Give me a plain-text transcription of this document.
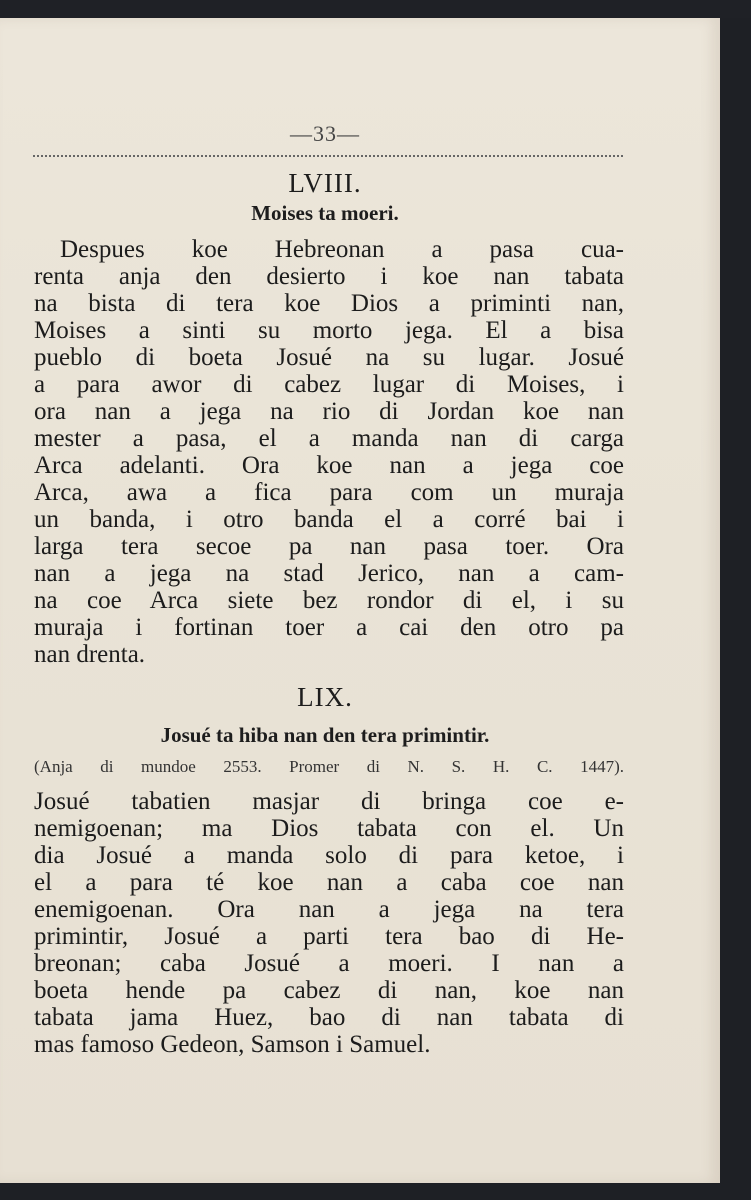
—33—
LVIII.
Moises ta moeri.
Despues koe Hebreonan a pasa cua-
renta anja den desierto i koe nan tabata
na bista di tera koe Dios a priminti nan,
Moises a sinti su morto jega. El a bisa
pueblo di boeta Josué na su lugar. Josué
a para awor di cabez lugar di Moises, i
ora nan a jega na rio di Jordan koe nan
mester a pasa, el a manda nan di carga
Arca adelanti. Ora koe nan a jega coe
Arca, awa a fica para com un muraja
un banda, i otro banda el a corré bai i
larga tera secoe pa nan pasa toer. Ora
nan a jega na stad Jerico, nan a cam-
na coe Arca siete bez rondor di el, i su
muraja i fortinan toer a cai den otro pa
nan drenta.
LIX.
Josué ta hiba nan den tera primintir.
(Anja di mundoe 2553. Promer di N. S. H. C. 1447).
Josué tabatien masjar di bringa coe e-
nemigoenan; ma Dios tabata con el. Un
dia Josué a manda solo di para ketoe, i
el a para té koe nan a caba coe nan
enemigoenan. Ora nan a jega na tera
primintir, Josué a parti tera bao di He-
breonan; caba Josué a moeri. I nan a
boeta hende pa cabez di nan, koe nan
tabata jama Huez, bao di nan tabata di
mas famoso Gedeon, Samson i Samuel.
